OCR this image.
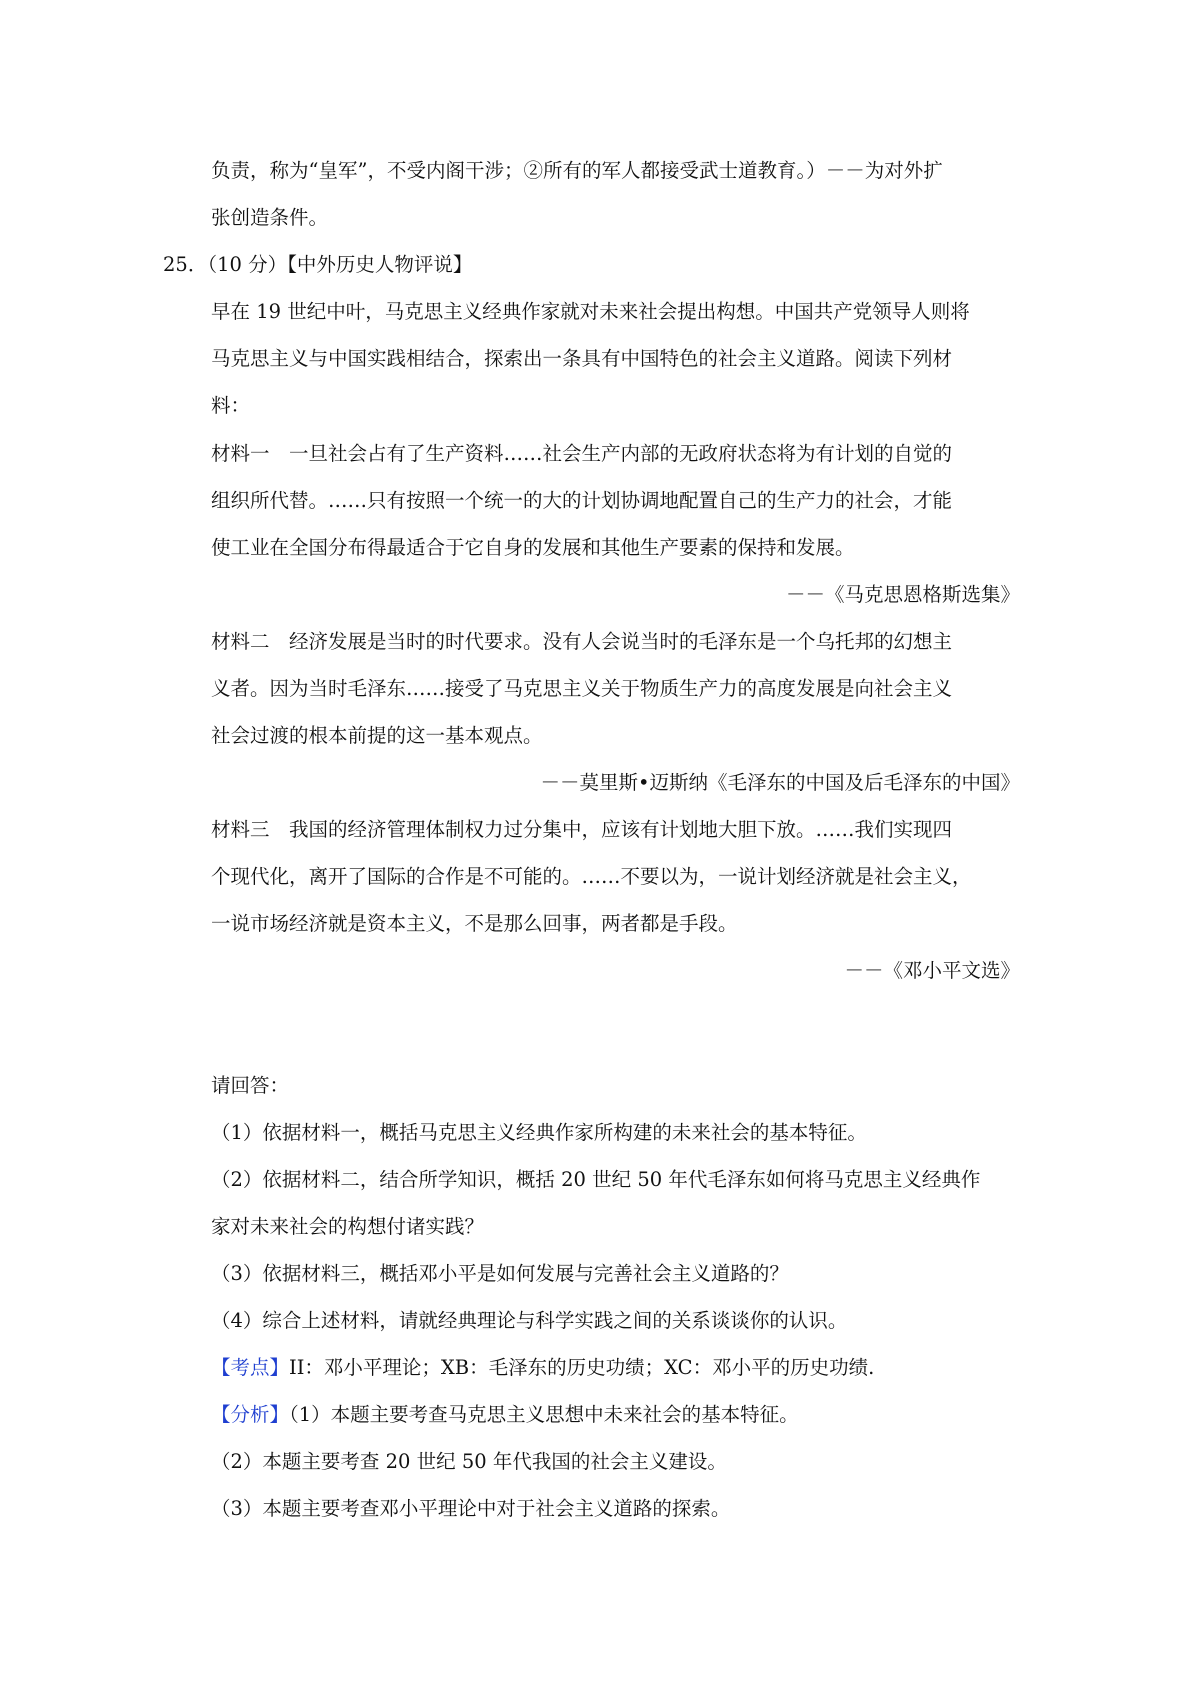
负责，称为“皇军”，不受内阁干涉；②所有的军人都接受武士道教育。）－－为对外扩
张创造条件。
25．（10 分）【中外历史人物评说】
早在 19 世纪中叶，马克思主义经典作家就对未来社会提出构想。中国共产党领导人则将
马克思主义与中国实践相结合，探索出一条具有中国特色的社会主义道路。阅读下列材
料：
材料一　一旦社会占有了生产资料……社会生产内部的无政府状态将为有计划的自觉的
组织所代替。……只有按照一个统一的大的计划协调地配置自己的生产力的社会，才能
使工业在全国分布得最适合于它自身的发展和其他生产要素的保持和发展。
－－《马克思恩格斯选集》
材料二　经济发展是当时的时代要求。没有人会说当时的毛泽东是一个乌托邦的幻想主
义者。因为当时毛泽东……接受了马克思主义关于物质生产力的高度发展是向社会主义
社会过渡的根本前提的这一基本观点。
－－莫里斯•迈斯纳《毛泽东的中国及后毛泽东的中国》
材料三　我国的经济管理体制权力过分集中，应该有计划地大胆下放。……我们实现四
个现代化，离开了国际的合作是不可能的。……不要以为，一说计划经济就是社会主义，
一说市场经济就是资本主义，不是那么回事，两者都是手段。
－－《邓小平文选》
请回答：
（1）依据材料一，概括马克思主义经典作家所构建的未来社会的基本特征。
（2）依据材料二，结合所学知识，概括 20 世纪 50 年代毛泽东如何将马克思主义经典作
家对未来社会的构想付诸实践？
（3）依据材料三，概括邓小平是如何发展与完善社会主义道路的？
（4）综合上述材料，请就经典理论与科学实践之间的关系谈谈你的认识。
【考点】II：邓小平理论；XB：毛泽东的历史功绩；XC：邓小平的历史功绩.
【分析】（1）本题主要考查马克思主义思想中未来社会的基本特征。
（2）本题主要考查 20 世纪 50 年代我国的社会主义建设。
（3）本题主要考查邓小平理论中对于社会主义道路的探索。
